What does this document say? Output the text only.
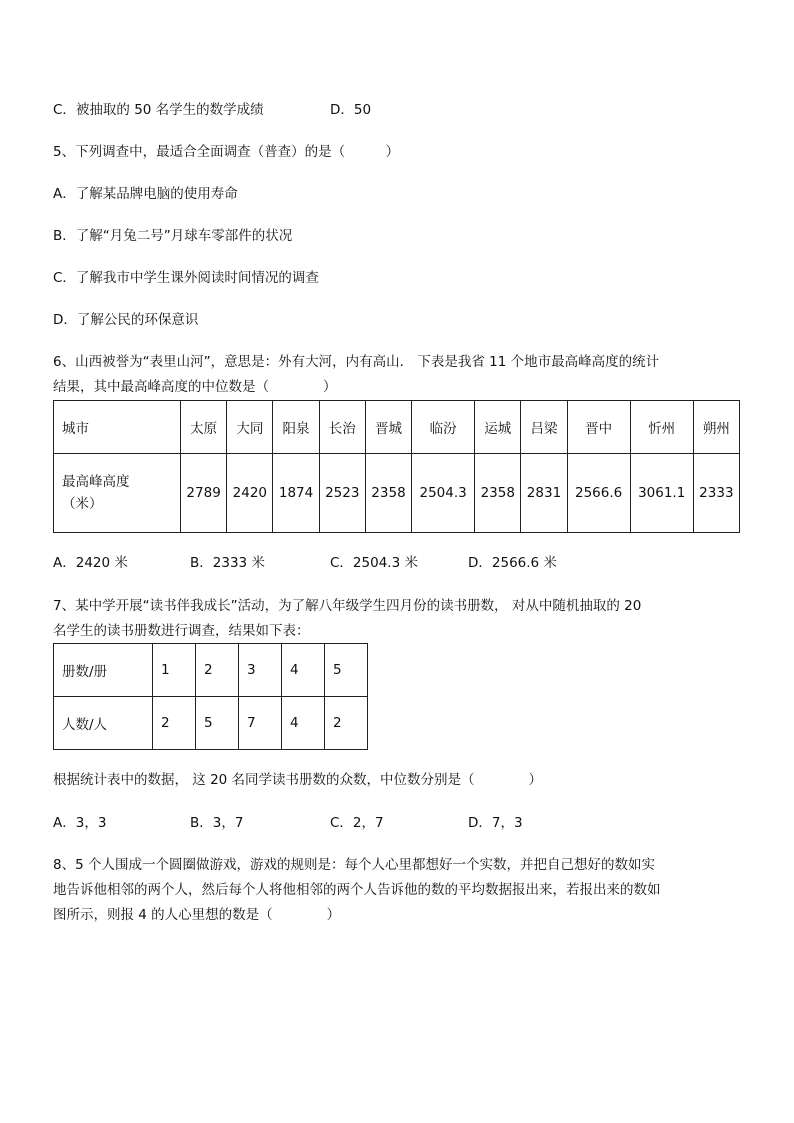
C．被抽取的 50 名学生的数学成绩	D．50
5、下列调查中，最适合全面调查（普查）的是（　　　）
A．了解某品牌电脑的使用寿命
B．了解“月兔二号”月球车零部件的状况
C．了解我市中学生课外阅读时间情况的调查
D．了解公民的环保意识
6、山西被誉为“表里山河”，意思是：外有大河，内有高山． 下表是我省 11 个地市最高峰高度的统计
结果，其中最高峰高度的中位数是（　　　　）
城市	太原	大同	阳泉	长治	晋城	临汾	运城	吕梁	晋中	忻州	朔州

最高峰高度
（米）	2789	2420	1874	2523	2358	2504.3	2358	2831	2566.6	3061.1	2333
A．2420 米	B．2333 米	C．2504.3 米	D．2566.6 米
7、某中学开展“读书伴我成长”活动，为了解八年级学生四月份的读书册数， 对从中随机抽取的 20
名学生的读书册数进行调查，结果如下表：
册数/册	1	2	3	4	5
人数/人	2	5	7	4	2
根据统计表中的数据， 这 20 名同学读书册数的众数，中位数分别是（　　　　）
A．3，3	B．3，7	C．2，7	D．7，3
8、5 个人围成一个圆圈做游戏，游戏的规则是：每个人心里都想好一个实数，并把自己想好的数如实
地告诉他相邻的两个人，然后每个人将他相邻的两个人告诉他的数的平均数据报出来，若报出来的数如
图所示，则报 4 的人心里想的数是（　　　　）
